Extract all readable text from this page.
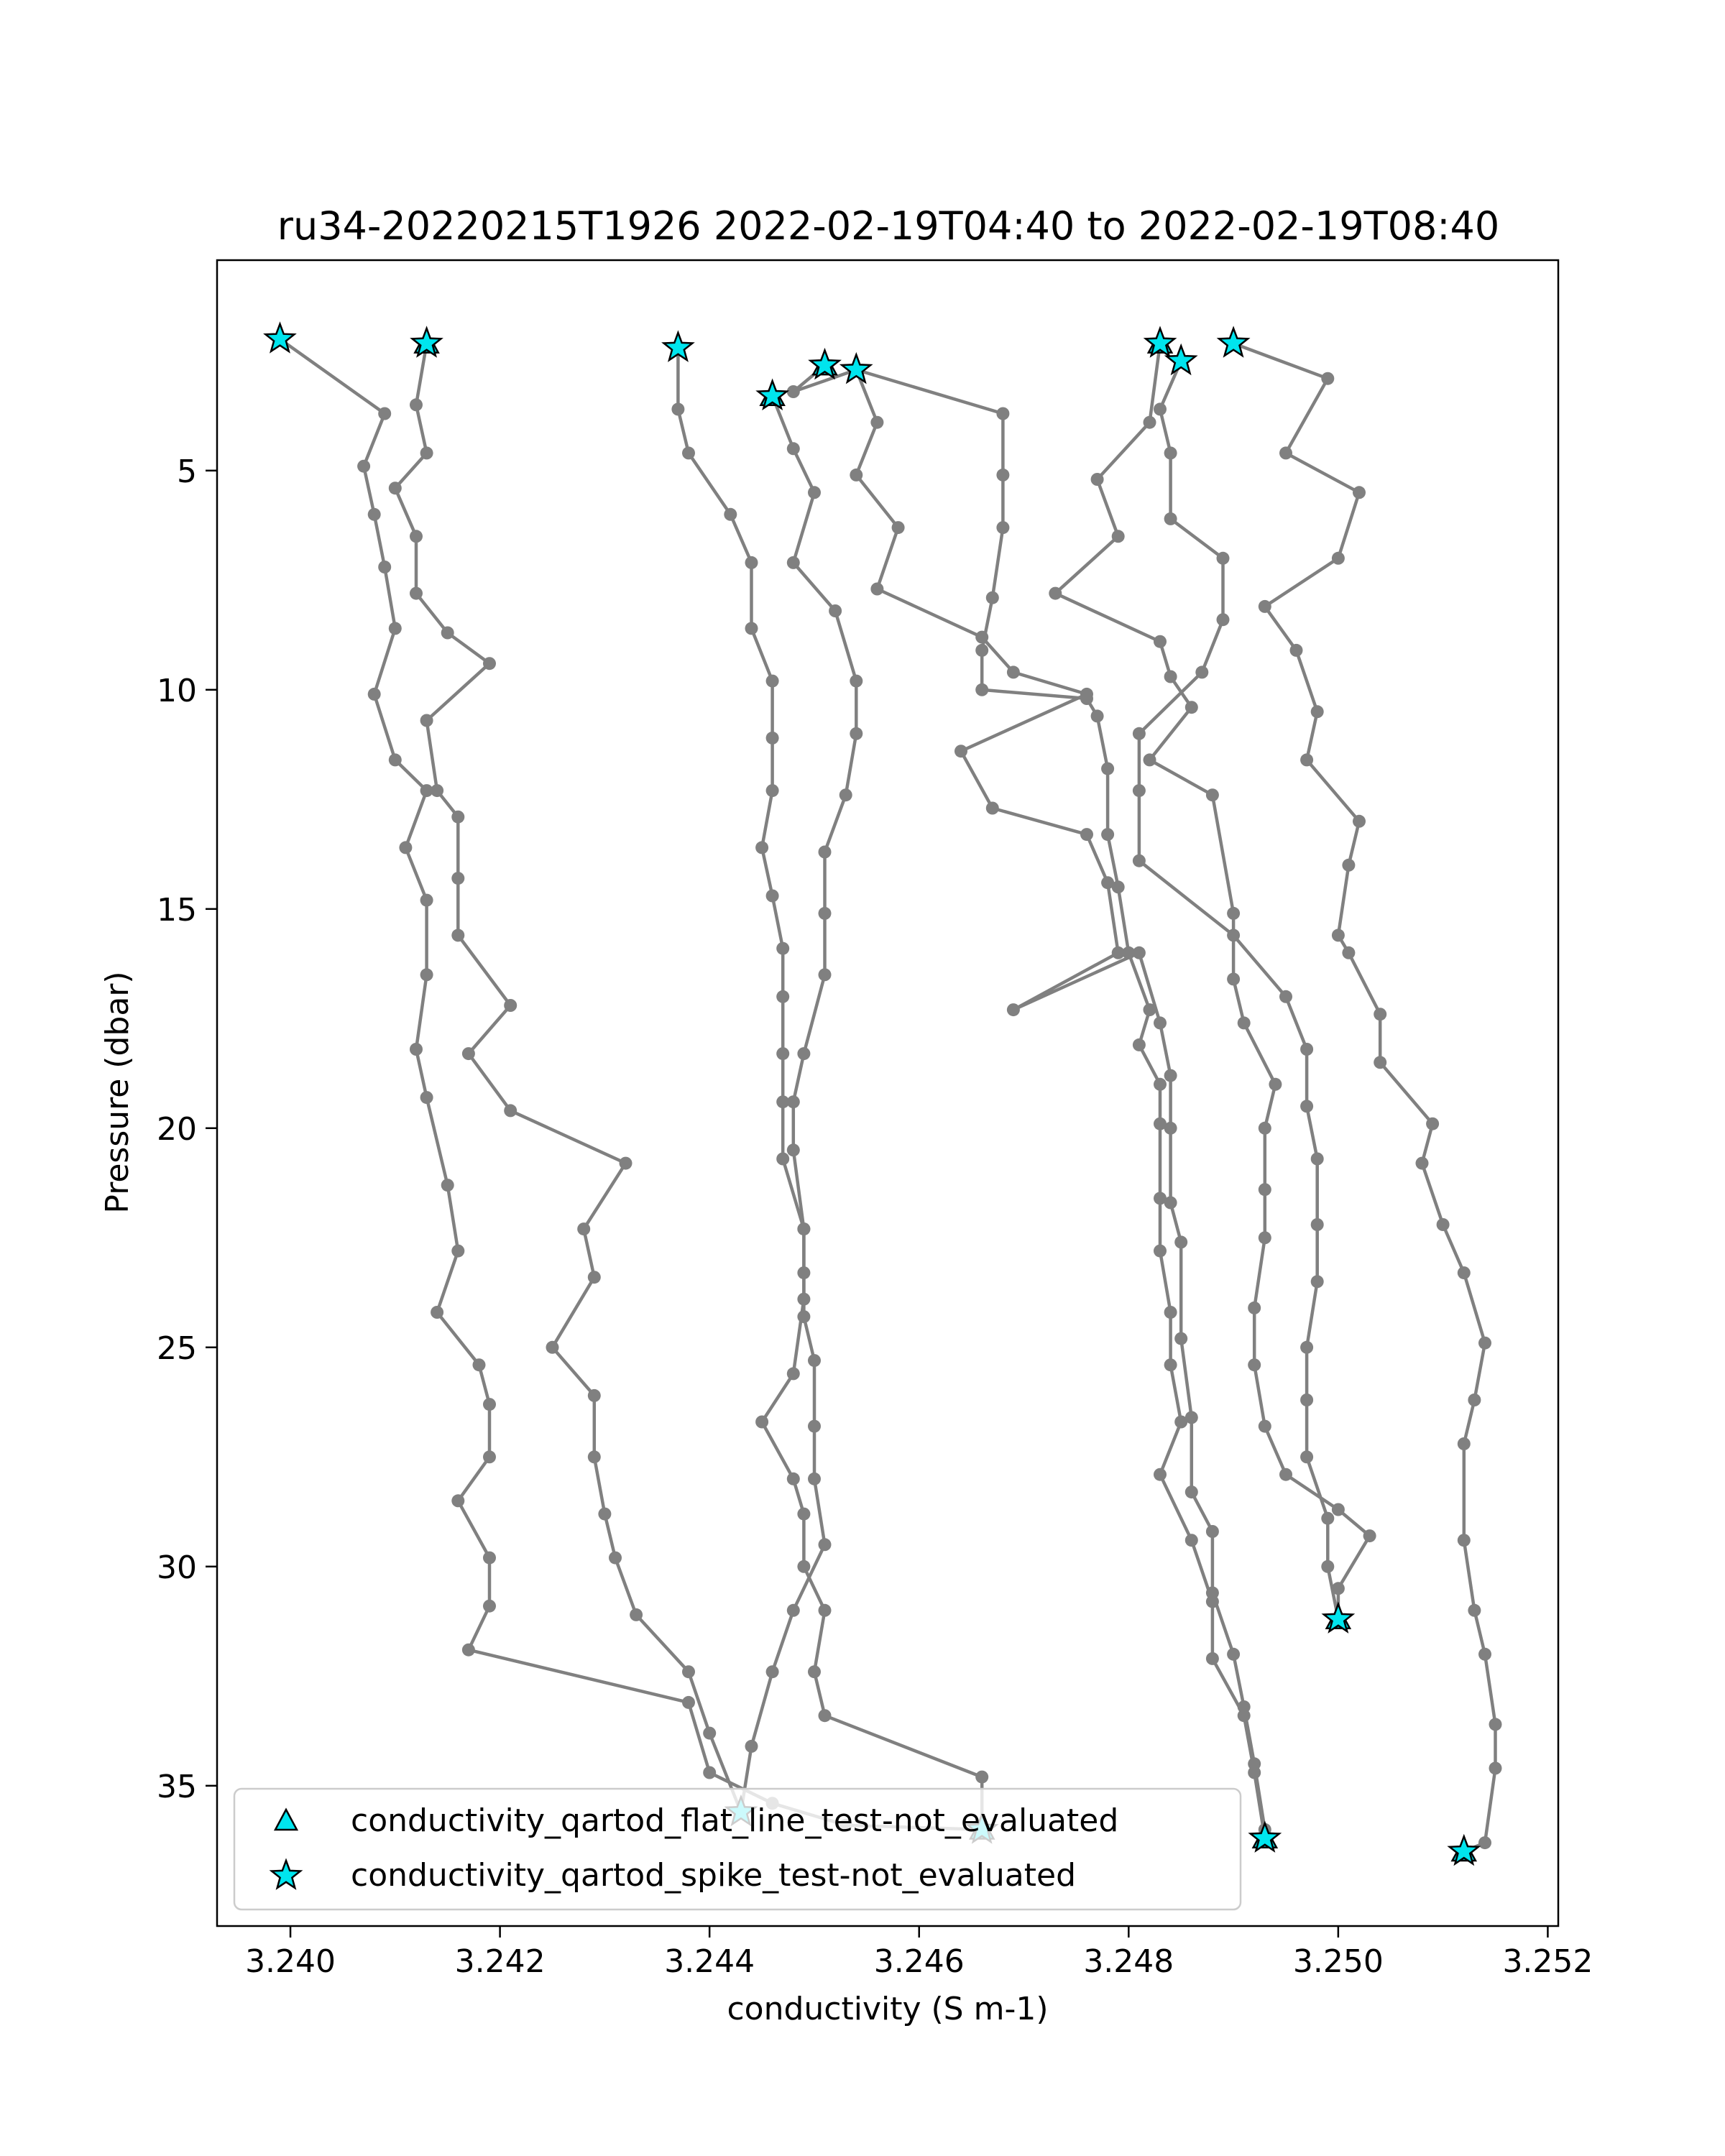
ru34-20220215T1926 2022-02-19T04:40 to 2022-02-19T08:40
3.240	3.242	3.244	3.246	3.248	3.250	3.252
5
10
15
20
25
30
35
conductivity (S m-1)
Pressure (dbar)
conductivity_qartod_flat_line_test-not_evaluated
conductivity_qartod_spike_test-not_evaluated
